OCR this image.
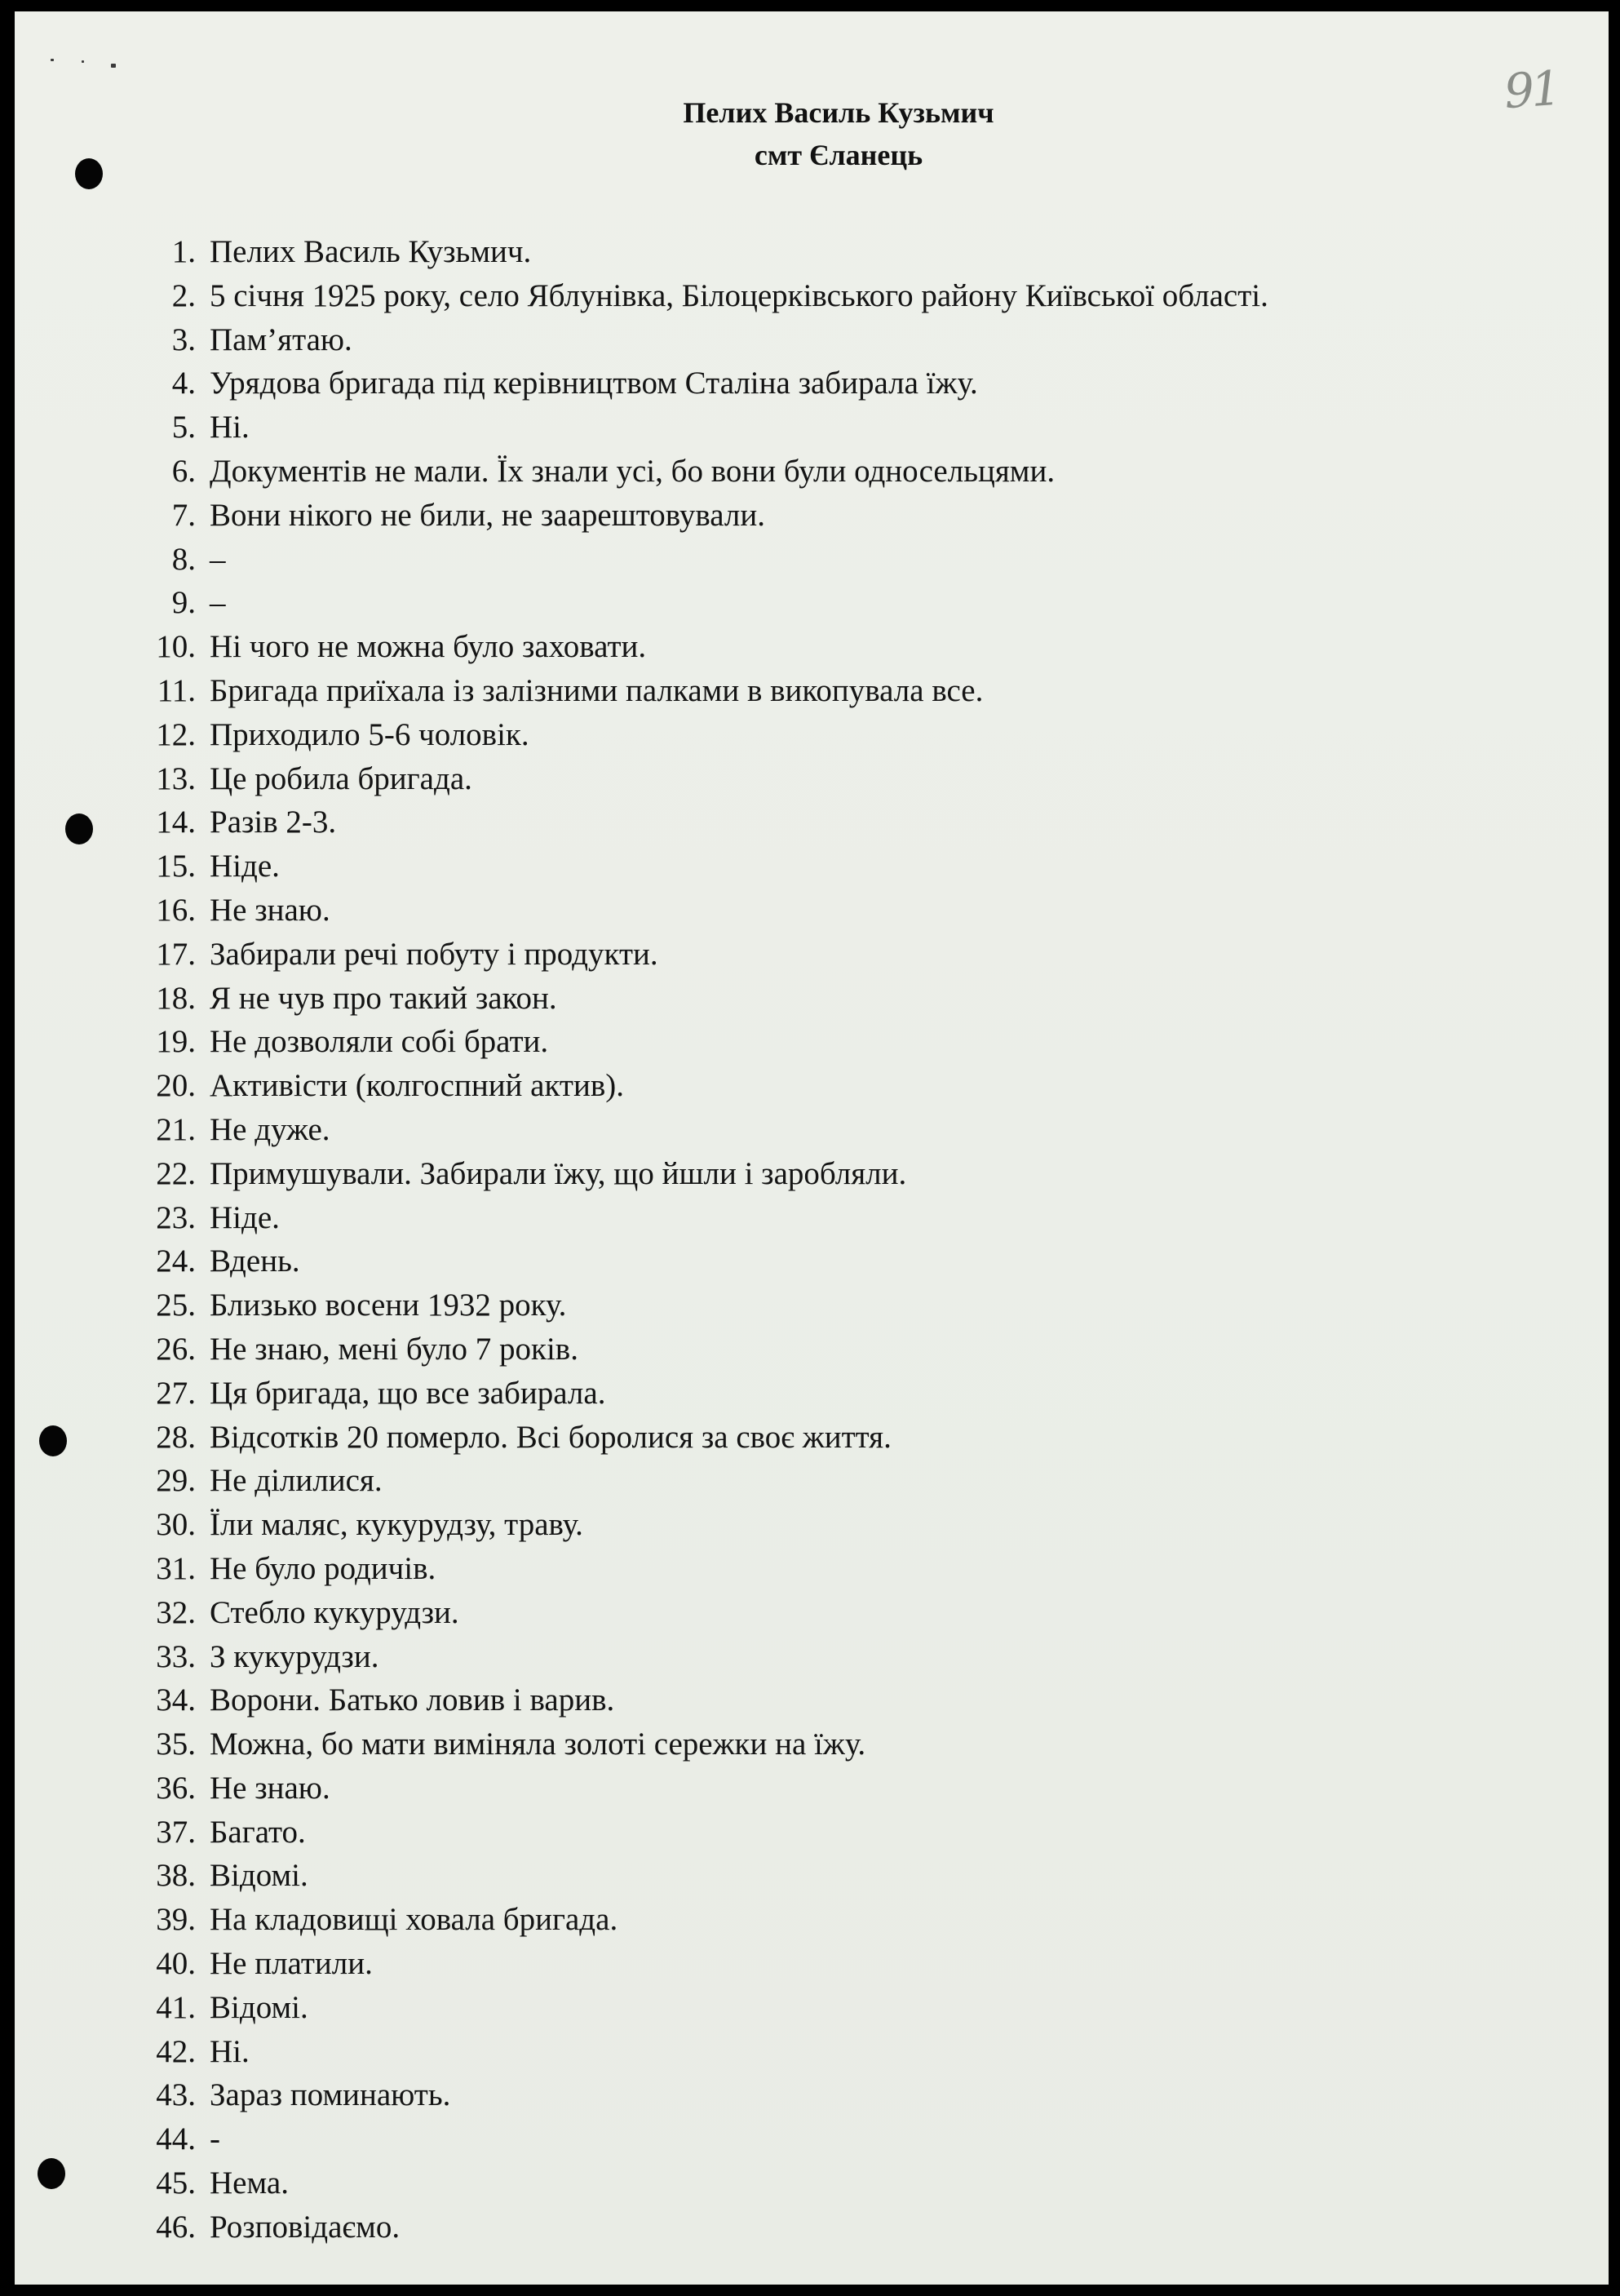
91
Пелих Василь Кузьмич
смт Єланець
1. Пелих Василь Кузьмич.
2. 5 січня 1925 року, село Яблунівка, Білоцерківського району Київської області.
3. Пам’ятаю.
4. Урядова бригада під керівництвом Сталіна забирала їжу.
5. Ні.
6. Документів не мали. Їх знали усі, бо вони були односельцями.
7. Вони нікого не били, не заарештовували.
8. –
9. –
10. Ні чого не можна було заховати.
11. Бригада приїхала із залізними палками в викопувала все.
12. Приходило 5-6 чоловік.
13. Це робила бригада.
14. Разів 2-3.
15. Ніде.
16. Не знаю.
17. Забирали речі побуту і продукти.
18. Я не чув про такий закон.
19. Не дозволяли собі брати.
20. Активісти (колгоспний актив).
21. Не дуже.
22. Примушували. Забирали їжу, що йшли і заробляли.
23. Ніде.
24. Вдень.
25. Близько восени 1932 року.
26. Не знаю, мені було 7 років.
27. Ця бригада, що все забирала.
28. Відсотків 20 померло. Всі боролися за своє життя.
29. Не ділилися.
30. Їли маляс, кукурудзу, траву.
31. Не було родичів.
32. Стебло кукурудзи.
33. З кукурудзи.
34. Ворони. Батько ловив і варив.
35. Можна, бо мати виміняла золоті сережки на їжу.
36. Не знаю.
37. Багато.
38. Відомі.
39. На кладовищі ховала бригада.
40. Не платили.
41. Відомі.
42. Ні.
43. Зараз поминають.
44. -
45. Нема.
46. Розповідаємо.
